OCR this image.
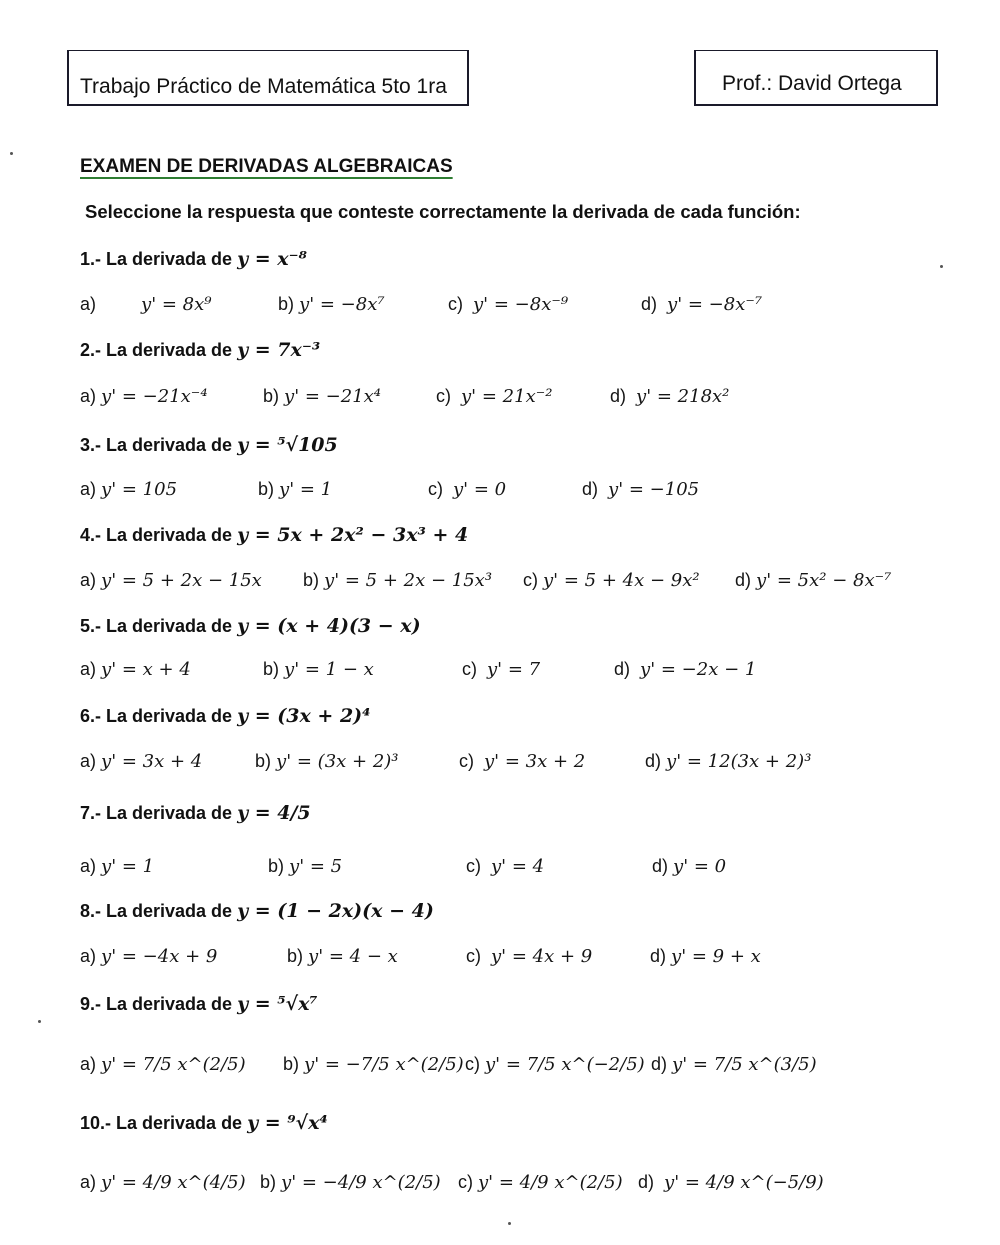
Trabajo Práctico de Matemática 5to 1ra	Prof.: David Ortega
EXAMEN DE DERIVADAS ALGEBRAICAS
Seleccione la respuesta que conteste correctamente la derivada de cada función:
1.- La derivada de y = x⁻⁸
a)	y' = 8x⁹	b) y' = −8x⁷	c) y' = −8x⁻⁹	d) y' = −8x⁻⁷
2.- La derivada de y = 7x⁻³
a) y' = −21x⁻⁴	b) y' = −21x⁴	c) y' = 21x⁻²	d) y' = 218x²
3.- La derivada de y = ⁵√105
a) y' = 105	b) y' = 1	c) y' = 0	d) y' = −105
4.- La derivada de y = 5x + 2x² − 3x³ + 4
a) y' = 5 + 2x − 15x b) y' = 5 + 2x − 15x³ c) y' = 5 + 4x − 9x² d) y' = 5x² − 8x⁻⁷
5.- La derivada de y = (x + 4)(3 − x)
a) y' = x + 4	b) y' = 1 − x	c) y' = 7	d) y' = −2x − 1
6.- La derivada de y = (3x + 2)⁴
a) y' = 3x + 4	b) y' = (3x + 2)³	c) y' = 3x + 2	d) y' = 12(3x + 2)³
7.- La derivada de y = 4/5
a) y' = 1	b) y' = 5	c) y' = 4	d) y' = 0
8.- La derivada de y = (1 − 2x)(x − 4)
a) y' = −4x + 9	b) y' = 4 − x	c) y' = 4x + 9	d) y' = 9 + x
9.- La derivada de y = ⁵√x⁷
a) y' = 7/5 x^(2/5) b) y' = −7/5 x^(2/5) c) y' = 7/5 x^(−2/5) d) y' = 7/5 x^(3/5)
10.- La derivada de y = ⁹√x⁴
a) y' = 4/9 x^(4/5) b) y' = −4/9 x^(2/5) c) y' = 4/9 x^(2/5) d) y' = 4/9 x^(−5/9)
